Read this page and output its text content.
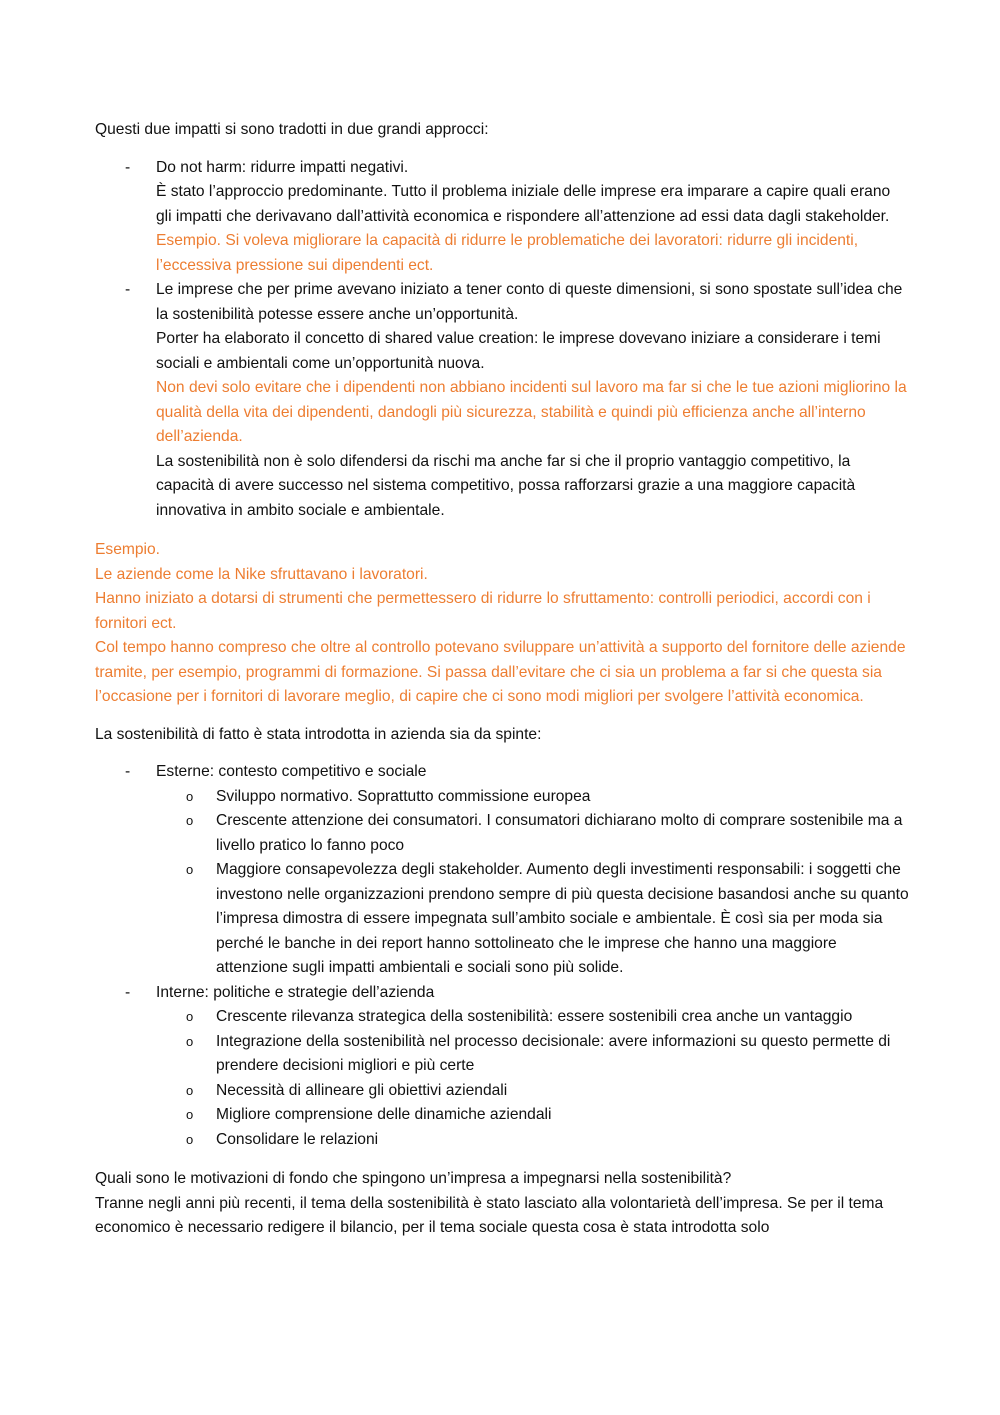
Questi due impatti si sono tradotti in due grandi approcci:

- Do not harm: ridurre impatti negativi.
È stato l’approccio predominante. Tutto il problema iniziale delle imprese era imparare a capire quali erano gli impatti che derivavano dall’attività economica e rispondere all’attenzione ad essi data dagli stakeholder.
Esempio. Si voleva migliorare la capacità di ridurre le problematiche dei lavoratori: ridurre gli incidenti, l’eccessiva pressione sui dipendenti ect.
- Le imprese che per prime avevano iniziato a tener conto di queste dimensioni, si sono spostate sull’idea che la sostenibilità potesse essere anche un’opportunità.
Porter ha elaborato il concetto di shared value creation: le imprese dovevano iniziare a considerare i temi sociali e ambientali come un’opportunità nuova.
Non devi solo evitare che i dipendenti non abbiano incidenti sul lavoro ma far si che le tue azioni migliorino la qualità della vita dei dipendenti, dandogli più sicurezza, stabilità e quindi più efficienza anche all’interno dell’azienda.
La sostenibilità non è solo difendersi da rischi ma anche far si che il proprio vantaggio competitivo, la capacità di avere successo nel sistema competitivo, possa rafforzarsi grazie a una maggiore capacità innovativa in ambito sociale e ambientale.
Esempio.
Le aziende come la Nike sfruttavano i lavoratori.
Hanno iniziato a dotarsi di strumenti che permettessero di ridurre lo sfruttamento: controlli periodici, accordi con i fornitori ect.
Col tempo hanno compreso che oltre al controllo potevano sviluppare un’attività a supporto del fornitore delle aziende tramite, per esempio, programmi di formazione. Si passa dall’evitare che ci sia un problema a far si che questa sia l’occasione per i fornitori di lavorare meglio, di capire che ci sono modi migliori per svolgere l’attività economica.

La sostenibilità di fatto è stata introdotta in azienda sia da spinte:

- Esterne: contesto competitivo e sociale
o Sviluppo normativo. Soprattutto commissione europea
o Crescente attenzione dei consumatori. I consumatori dichiarano molto di comprare sostenibile ma a livello pratico lo fanno poco
o Maggiore consapevolezza degli stakeholder. Aumento degli investimenti responsabili: i soggetti che investono nelle organizzazioni prendono sempre di più questa decisione basandosi anche su quanto l’impresa dimostra di essere impegnata sull’ambito sociale e ambientale. È così sia per moda sia perché le banche in dei report hanno sottolineato che le imprese che hanno una maggiore attenzione sugli impatti ambientali e sociali sono più solide.
- Interne: politiche e strategie dell’azienda
o Crescente rilevanza strategica della sostenibilità: essere sostenibili crea anche un vantaggio
o Integrazione della sostenibilità nel processo decisionale: avere informazioni su questo permette di prendere decisioni migliori e più certe
o Necessità di allineare gli obiettivi aziendali
o Migliore comprensione delle dinamiche aziendali
o Consolidare le relazioni
Quali sono le motivazioni di fondo che spingono un’impresa a impegnarsi nella sostenibilità?
Tranne negli anni più recenti, il tema della sostenibilità è stato lasciato alla volontarietà dell’impresa. Se per il tema economico è necessario redigere il bilancio, per il tema sociale questa cosa è stata introdotta solo
